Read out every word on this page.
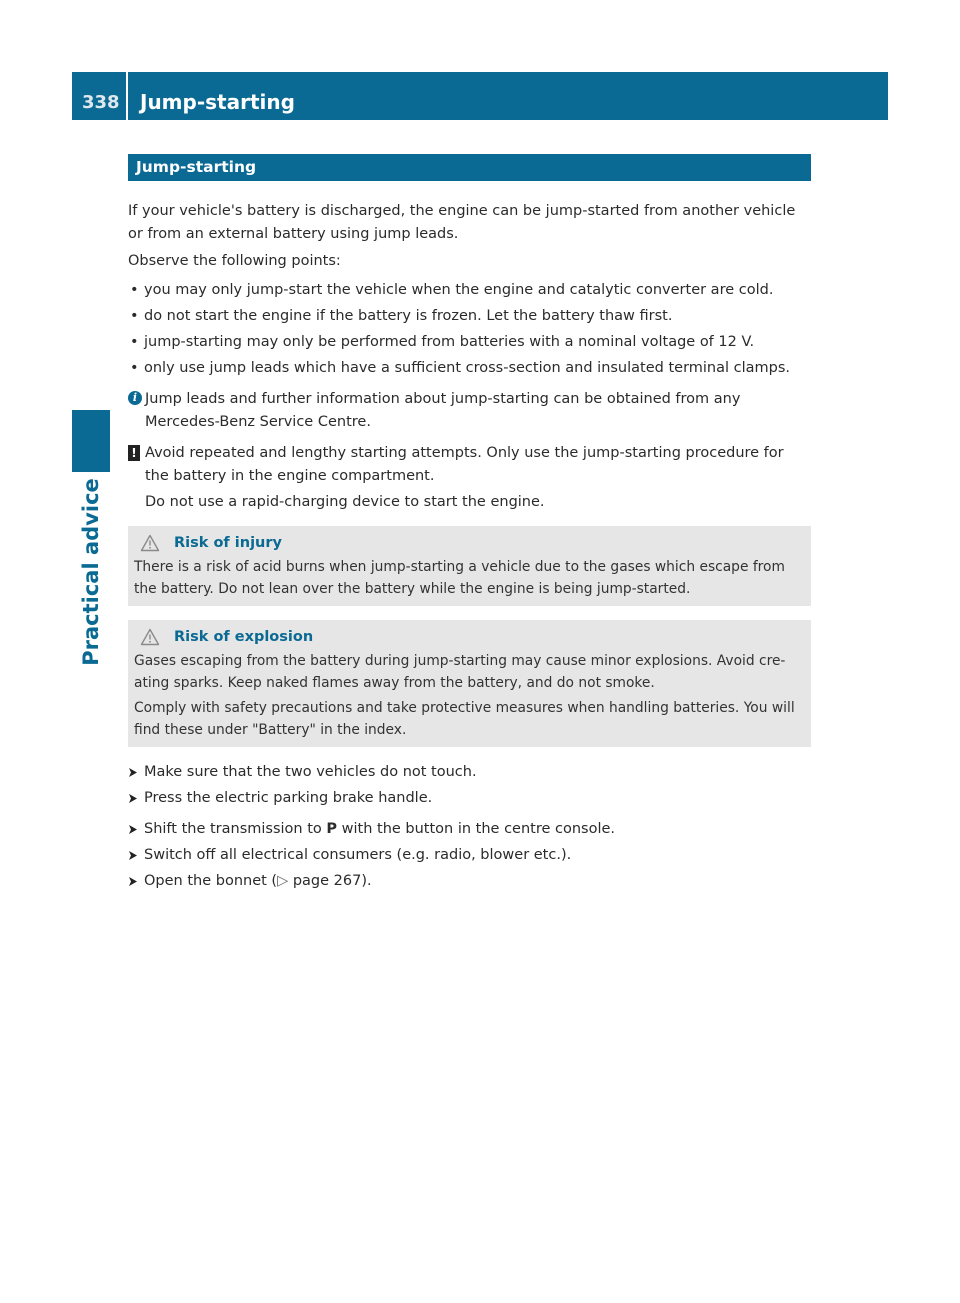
338	Jump-starting
Practical advice
Jump-starting

If your vehicle's battery is discharged, the engine can be jump-started from another vehicle or from an external battery using jump leads.

Observe the following points:

• you may only jump-start the vehicle when the engine and catalytic converter are cold.
• do not start the engine if the battery is frozen. Let the battery thaw first.
• jump-starting may only be performed from batteries with a nominal voltage of 12 V.
• only use jump leads which have a sufficient cross-section and insulated terminal clamps.
i Jump leads and further information about jump-starting can be obtained from any Mercedes-Benz Service Centre.

! Avoid repeated and lengthy starting attempts. Only use the jump-starting procedure for the battery in the engine compartment.

Do not use a rapid-charging device to start the engine.

Risk of injury

There is a risk of acid burns when jump-starting a vehicle due to the gases which escape from the battery. Do not lean over the battery while the engine is being jump-started.

Risk of explosion

Gases escaping from the battery during jump-starting may cause minor explosions. Avoid cre-ating sparks. Keep naked flames away from the battery, and do not smoke.

Comply with safety precautions and take protective measures when handling batteries. You will find these under "Battery" in the index.

Make sure that the two vehicles do not touch.
Press the electric parking brake handle.
Shift the transmission to P with the button in the centre console.
Switch off all electrical consumers (e.g. radio, blower etc.).
Open the bonnet (▷ page 267).
